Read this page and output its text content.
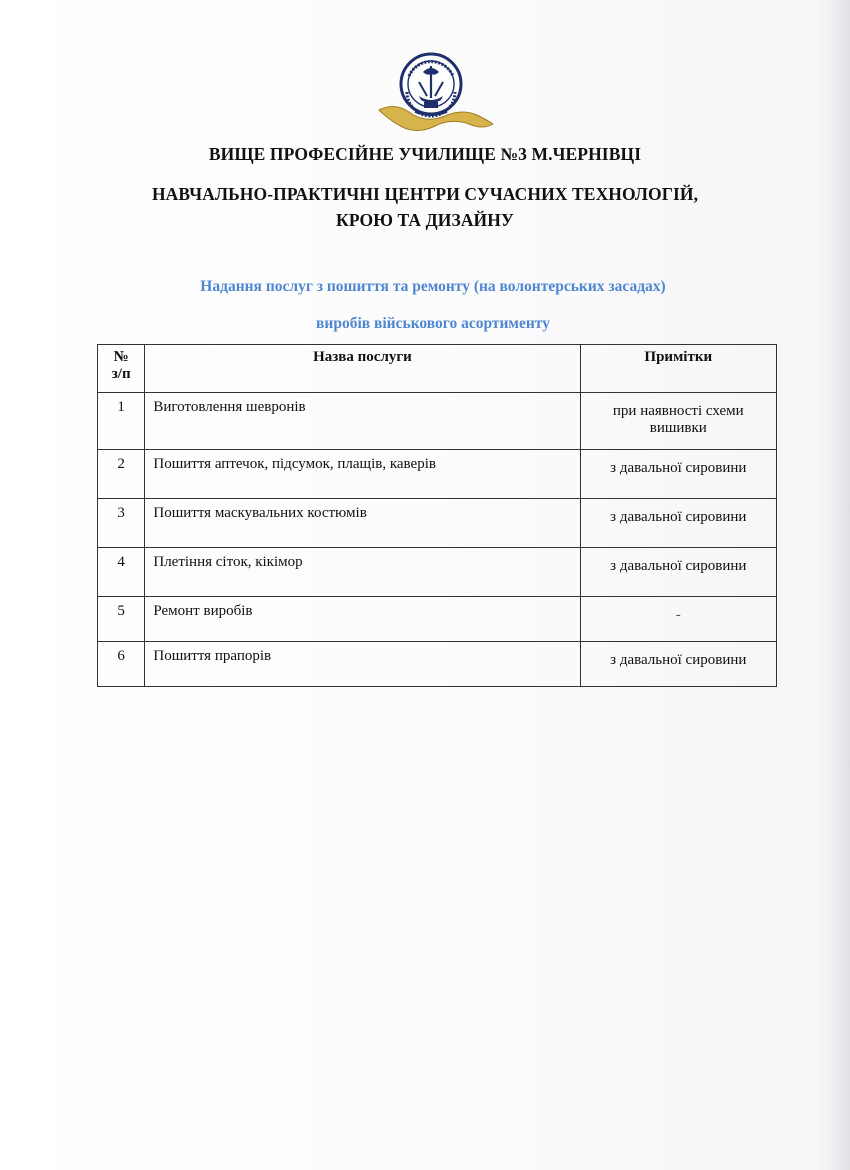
ВИЩЕ ПРОФЕСІЙНЕ УЧИЛИЩЕ №3 М.ЧЕРНІВЦІ
НАВЧАЛЬНО-ПРАКТИЧНІ ЦЕНТРИ СУЧАСНИХ ТЕХНОЛОГІЙ,
КРОЮ ТА ДИЗАЙНУ
Надання послуг з пошиття та ремонту (на волонтерських засадах)
виробів військового асортименту
№
з/п	Назва послуги	Примітки
1	Виготовлення шевронів	при наявності схеми
вишивки

2	Пошиття аптечок, підсумок, плащів, каверів	з давальної сировини
3	Пошиття маскувальних костюмів	з давальної сировини
4	Плетіння сіток, кікімор	з давальної сировини
5	Ремонт виробів	-
6	Пошиття прапорів	з давальної сировини
